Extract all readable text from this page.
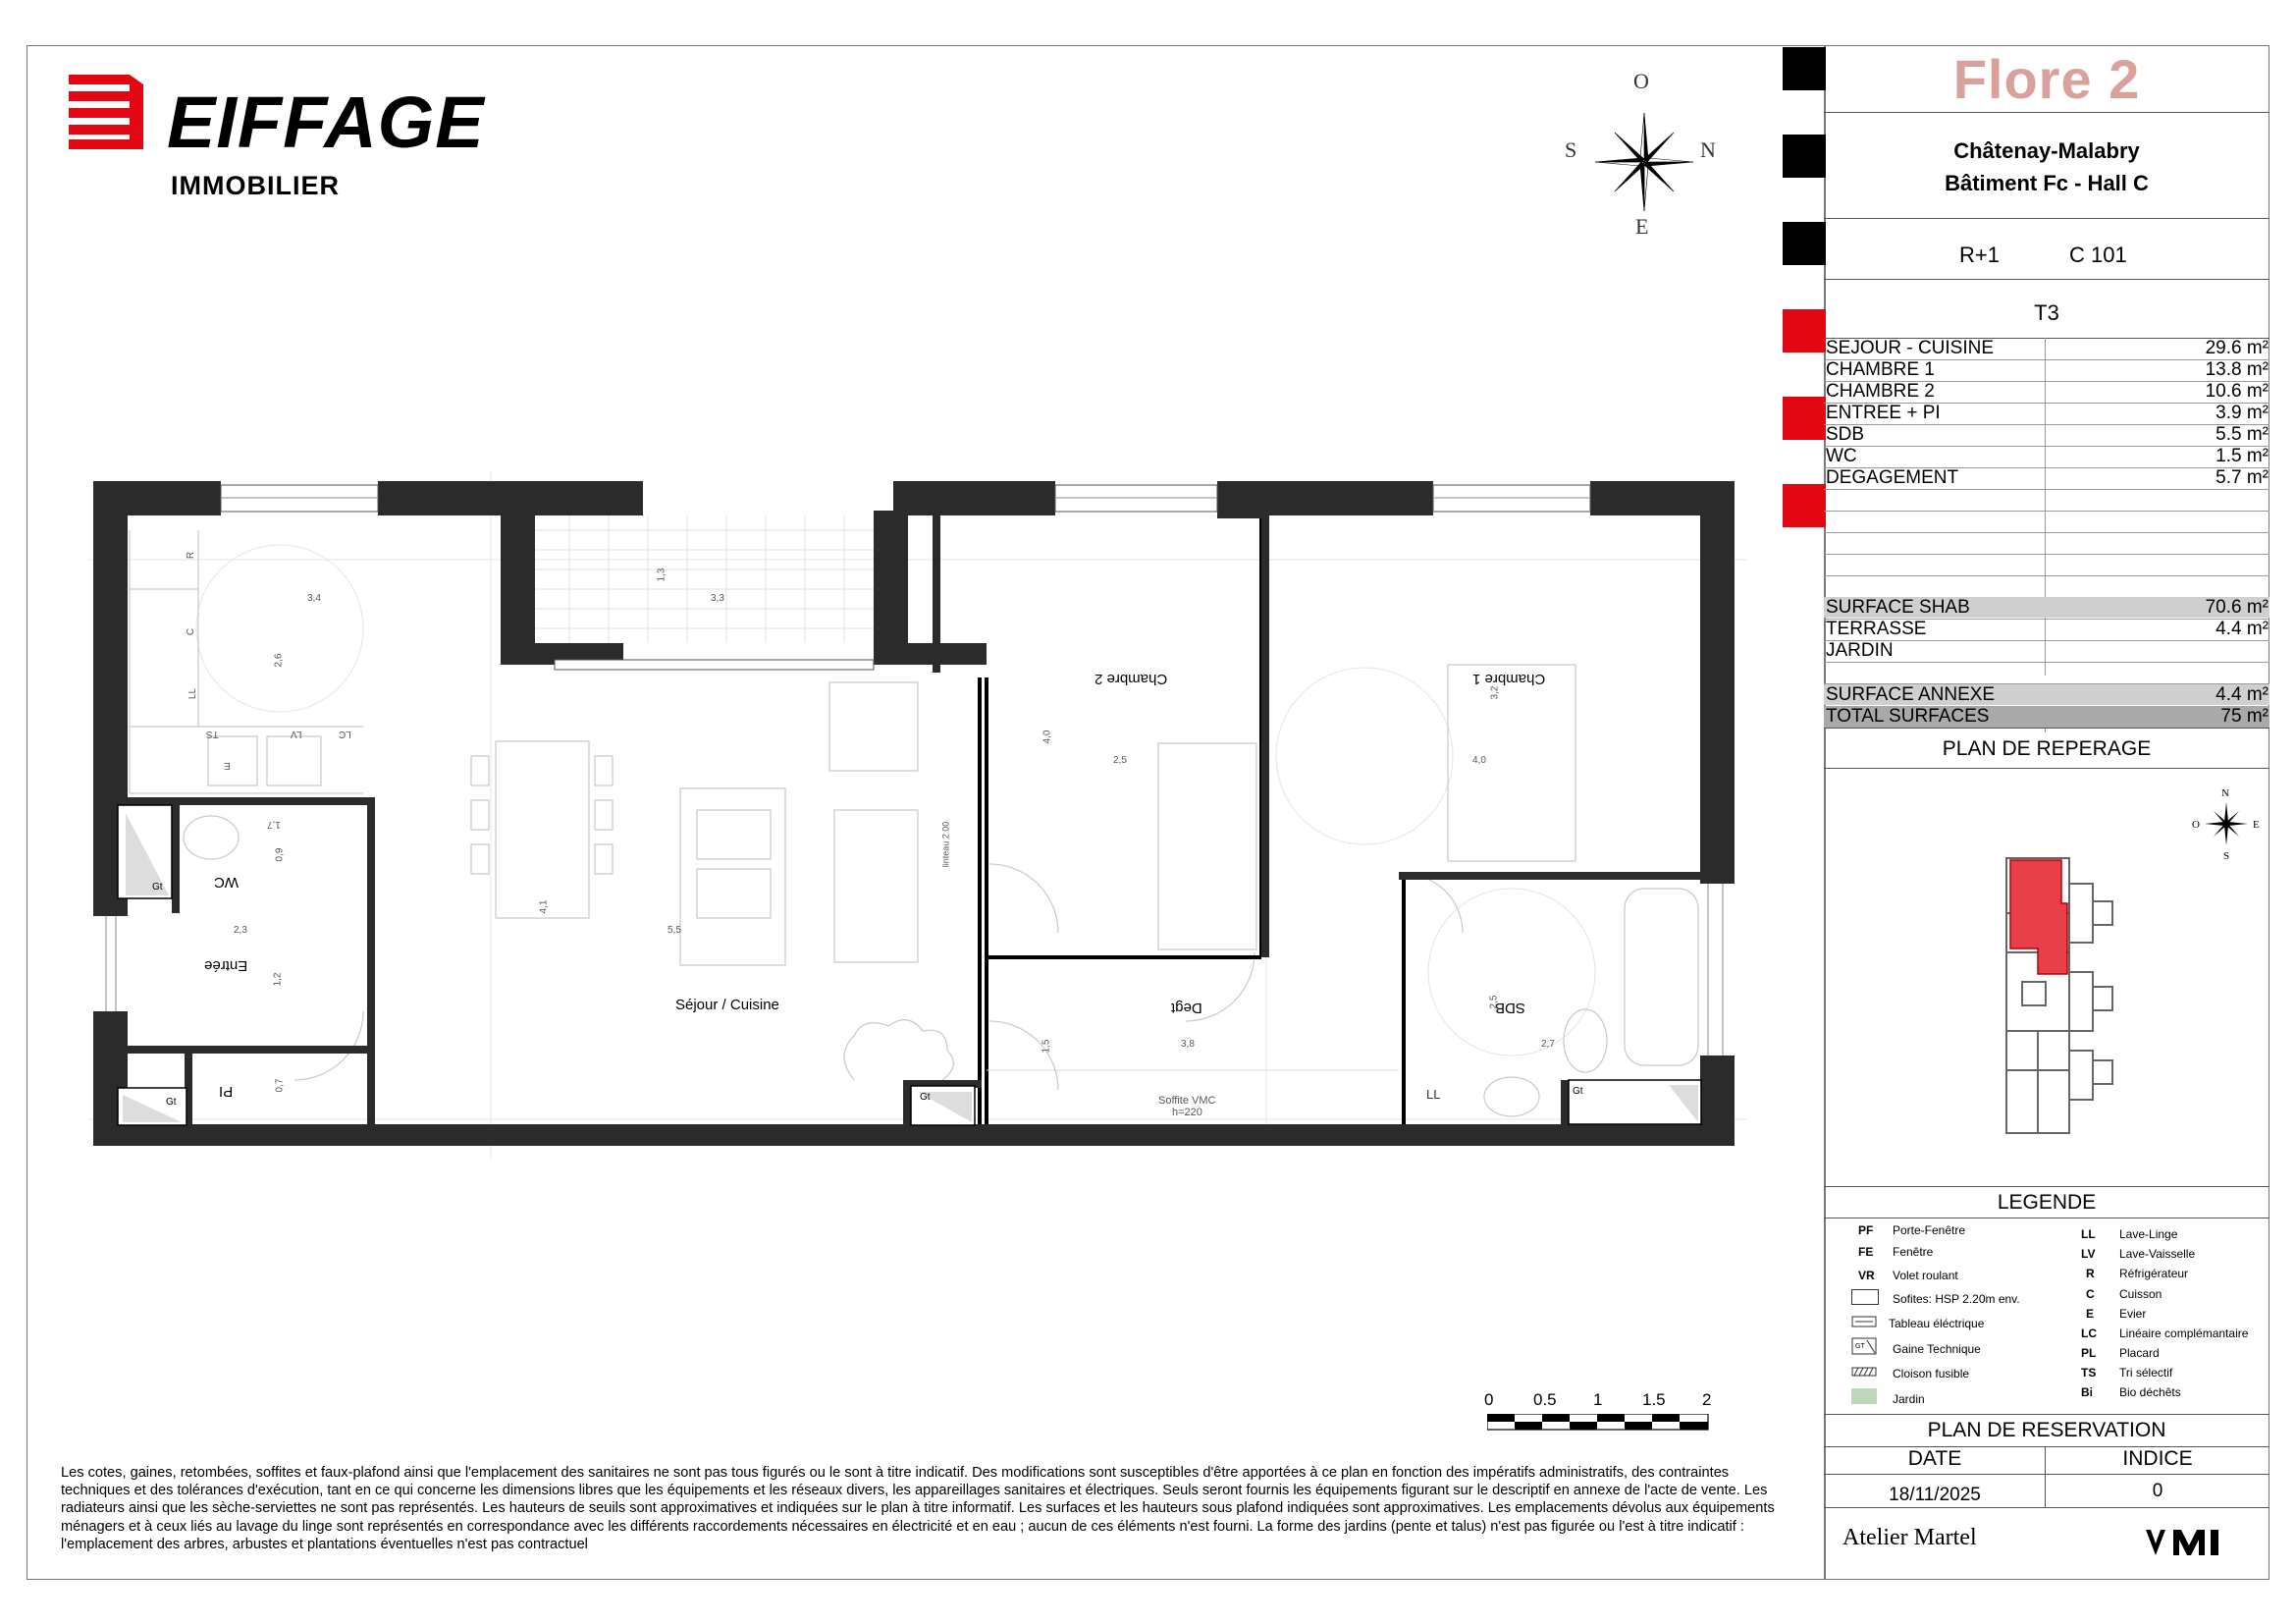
EIFFAGE
IMMOBILIER
O
E
S	N
Flore 2
Châtenay-Malabry
Bâtiment Fc - Hall C
R+1	C 101
T3
SEJOUR - CUISINE	29.6 m²
CHAMBRE 1	13.8 m²
CHAMBRE 2	10.6 m²
ENTREE + PI	3.9 m²
SDB	5.5 m²
WC	1.5 m²
DEGAGEMENT	5.7 m²
SURFACE SHAB	70.6 m²
TERRASSE	4.4 m²
JARDIN
SURFACE ANNEXE	4.4 m²
TOTAL SURFACES	75 m²
PLAN DE REPERAGE
N
S
O	E
LEGENDE
PF Porte-Fenêtre
FE Fenêtre
VR Volet roulant
Sofites: HSP 2.20m env.
Tableau éléctrique
GT Gaine Technique
Cloison fusible
Jardin
LL Lave-Linge
LV Lave-Vaisselle
R Réfrigérateur
C Cuisson
E Evier
LC Linéaire complémantaire
PL Placard
TS Tri sélectif
Bi Bio déchêts
PLAN DE RESERVATION
DATE	INDICE
18/11/2025	0
Atelier Martel
0 0.5 1 1.5 2
Les cotes, gaines, retombées, soffites et faux-plafond ainsi que l'emplacement des sanitaires ne sont pas tous figurés ou le sont à titre indicatif. Des modifications sont susceptibles d'être apportées à ce plan en fonction des impératifs administratifs, des contraintes techniques et des tolérances d'exécution, tant en ce qui concerne les dimensions libres que les équipements et les réseaux divers, les appareillages sanitaires et électriques. Seuls seront fournis les équipements figurant sur le descriptif en annexe de l'acte de vente. Les radiateurs ainsi que les sèche-serviettes ne sont pas représentés. Les hauteurs de seuils sont approximatives et indiquées sur le plan à titre informatif. Les surfaces et les hauteurs sous plafond indiquées sont approximatives. Les emplacements dévolus aux équipements ménagers et à ceux liés au lavage du linge sont représentés en correspondance avec les différents raccordements nécessaires en électricité et en eau ; aucun de ces éléments n'est fourni. La forme des jardins (pente et talus) n'est pas figurée ou l'est à titre indicatif : l'emplacement des arbres, arbustes et plantations éventuelles n'est pas contractuel
Séjour / Cuisine
Chambre 1
Chambre 2
Entrée
WC
PI
Degt	SDB
Soffite VMC
h=220
LL
Gt
Gt	Gt
Gt
linteau 2.00
R
C
LL
TS	LV	LC
E
3,4
2,6
1,3
3,3
4,0
2,5
3,2
4,0
4,1
5,5
2,3
1,2
1,7
0,9
0,7
3,8
1,5	2,7
2,5
